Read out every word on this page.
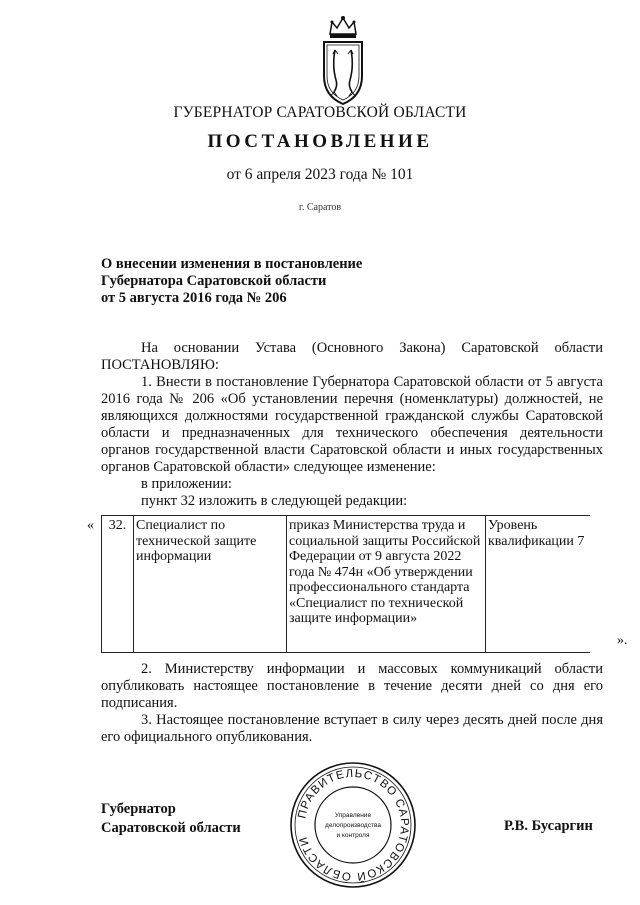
ГУБЕРНАТОР САРАТОВСКОЙ ОБЛАСТИ
ПОСТАНОВЛЕНИЕ
от 6 апреля 2023 года № 101
г. Саратов
О внесении изменения в постановление
Губернатора Саратовской области
от 5 августа 2016 года № 206
На основании Устава (Основного Закона) Саратовской области ПОСТАНОВЛЯЮ:
1. Внести в постановление Губернатора Саратовской области от 5 августа 2016 года № 206 «Об установлении перечня (номенклатуры) должностей, не являющихся должностями государственной гражданской службы Саратовской области и предназначенных для технического обеспечения деятельности органов государственной власти Саратовской области и иных государственных органов Саратовской области» следующее изменение:
в приложении:
пункт 32 изложить в следующей редакции:
« 32.	Специалист по технической защите информации	приказ Министерства труда и социальной защиты Российской Федерации от 9 августа 2022 года № 474н «Об утверждении профессионального стандарта «Специалист по технической защите информации»	Уровень квалификации 7
».
2. Министерству информации и массовых коммуникаций области опубликовать настоящее постановление в течение десяти дней со дня его подписания.
3. Настоящее постановление вступает в силу через десять дней после дня его официального опубликования.
Губернатор
Саратовской области
ПРАВИТЕЛЬСТВО САРАТОВСКОЙ ОБЛАСТИ
Управление
делопроизводства
и контроля
Р.В. Бусаргин
